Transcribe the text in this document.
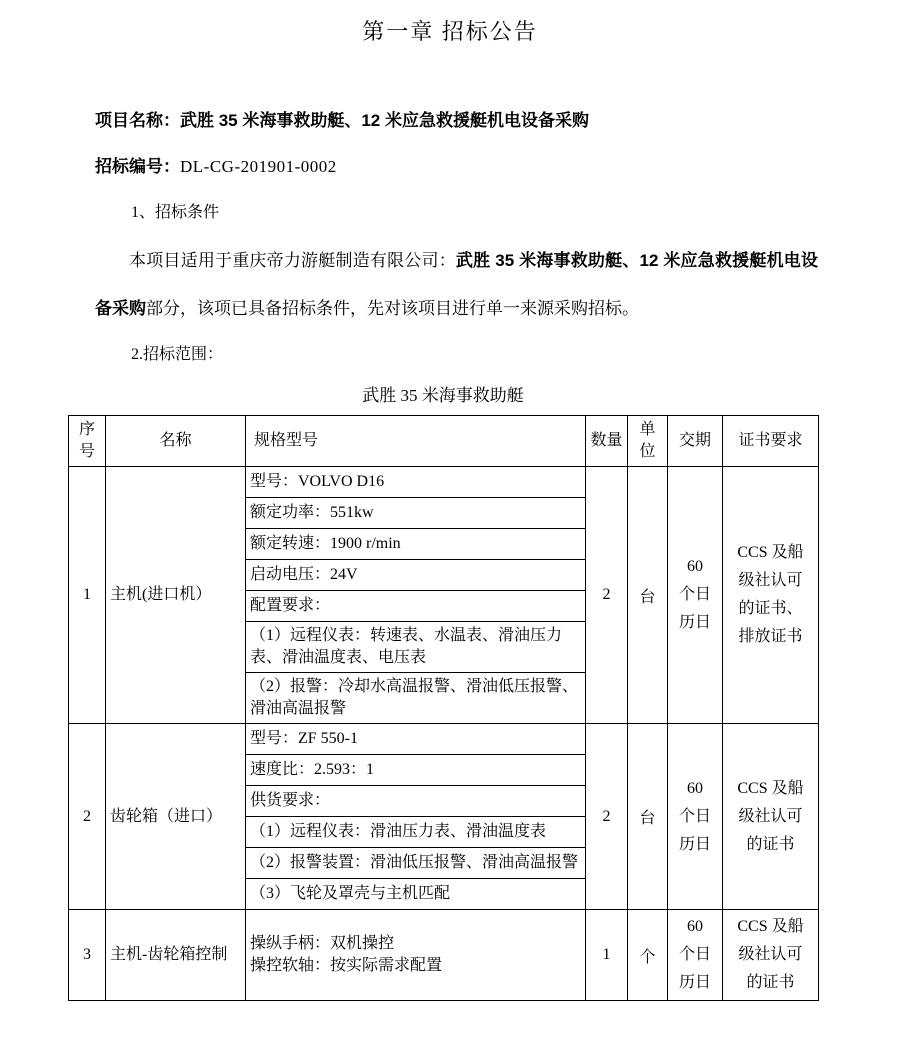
第一章 招标公告
项目名称：武胜 35 米海事救助艇、12 米应急救援艇机电设备采购
招标编号：DL-CG-201901-0002
1、招标条件

本项目适用于重庆帝力游艇制造有限公司：武胜 35 米海事救助艇、12 米应急救援艇机电设备采购部分，该项已具备招标条件，先对该项目进行单一来源采购招标。

2.招标范围：
武胜 35 米海事救助艇
序号	名称	规格型号	数量	单位	交期	证书要求
1	主机(进口机）	型号：VOLVO D16	2	台	60
个日
历日	CCS 及船
级社认可
的证书、
排放证书
		额定功率：551kw				
		额定转速：1900 r/min				
		启动电压：24V				
		配置要求：				
		（1）远程仪表：转速表、水温表、滑油压力表、滑油温度表、电压表				
		（2）报警：冷却水高温报警、滑油低压报警、滑油高温报警				
2	齿轮箱（进口）	型号：ZF 550-1	2	台	60
个日
历日	CCS 及船
级社认可
的证书
		速度比：2.593：1				
		供货要求：				
		（1）远程仪表：滑油压力表、滑油温度表				
		（2）报警装置：滑油低压报警、滑油高温报警				
		（3）飞轮及罩壳与主机匹配				
3	主机-齿轮箱控制	操纵手柄：双机操控
操控软轴：按实际需求配置	1	个	60
个日
历日	CCS 及船
级社认可
的证书
